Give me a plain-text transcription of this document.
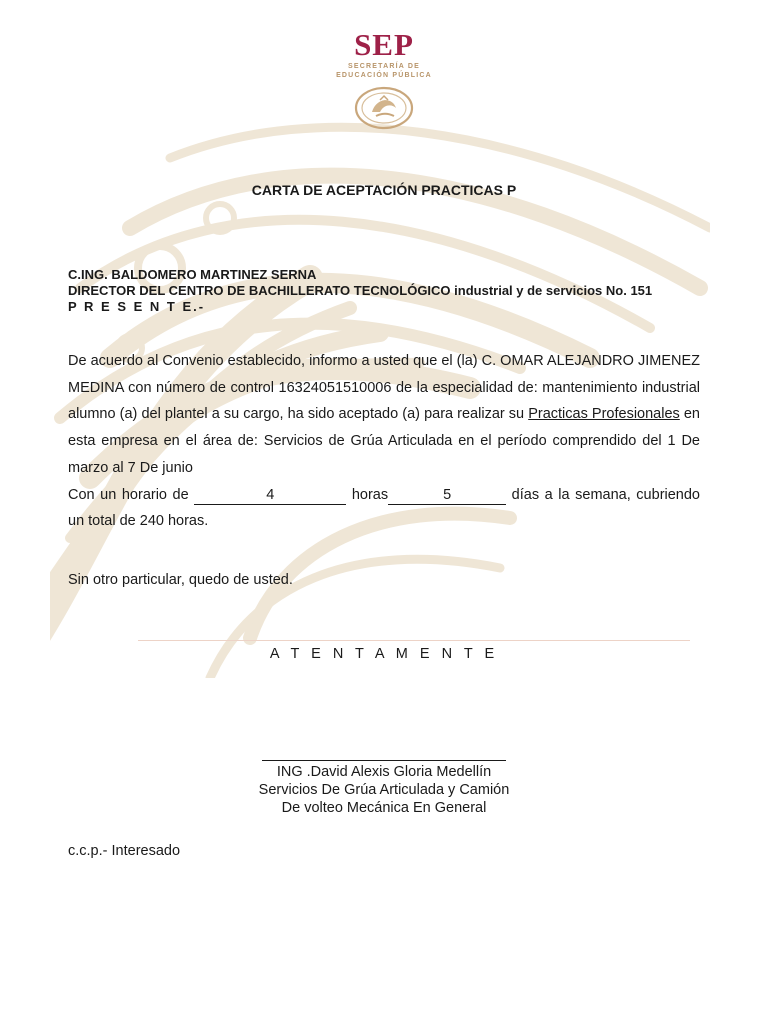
SEP
SECRETARÍA DE
EDUCACIÓN PÚBLICA
CARTA DE ACEPTACIÓN PRACTICAS P
C.ING. BALDOMERO MARTINEZ SERNA
DIRECTOR DEL CENTRO DE BACHILLERATO TECNOLÓGICO industrial y de servicios No. 151
P R E S E N T E.-

De acuerdo al Convenio establecido, informo a usted que el (la) C. OMAR ALEJANDRO JIMENEZ MEDINA con número de control 16324051510006 de la especialidad de: mantenimiento industrial alumno (a) del plantel a su cargo, ha sido aceptado (a) para realizar su Practicas Profesionales en esta empresa en el área de: Servicios de Grúa Articulada en el período comprendido del 1 De marzo al 7 De junio

Con un horario de	4	horas	5	días a la semana, cubriendo un total de 240 horas.

Sin otro particular, quedo de usted.
A T E N T A M E N T E
ING .David Alexis Gloria Medellín
Servicios De Grúa Articulada y Camión
De volteo Mecánica En General
c.c.p.- Interesado
